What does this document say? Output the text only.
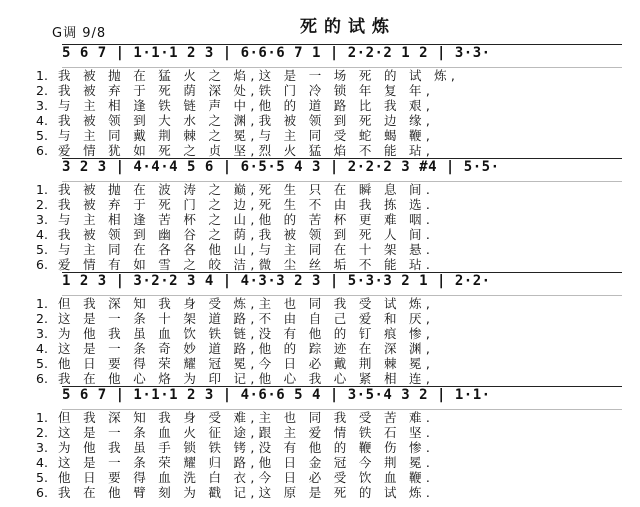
G调 9/8	死的试炼
5 6 7 | 1·1·1 2 3 | 6·6·6 7 1 | 2·2·2 1 2 | 3·3·
1. 我 被 抛 在 猛 火 之 焰,这 是 一 场 死 的 试 炼,
2. 我 被 弃 于 死 荫 深 处,铁 门 冷 锁 年 复 年,
3. 与 主 相 逢 铁 链 声 中,他 的 道 路 比 我 艰,
4. 我 被 领 到 大 水 之 渊,我 被 领 到 死 边 缘,
5. 与 主 同 戴 荆 棘 之 冕,与 主 同 受 蛇 蝎 鞭,
6. 爱 情 犹 如 死 之 贞 坚,烈 火 猛 焰 不 能 玷,
3 2 3 | 4·4·4 5 6 | 6·5·5 4 3 | 2·2·2 3 #4 | 5·5·
1. 我 被 抛 在 波 涛 之 巅,死 生 只 在 瞬 息 间.
2. 我 被 弃 于 死 门 之 边,死 生 不 由 我 拣 选.
3. 与 主 相 逢 苦 杯 之 山,他 的 苦 杯 更 难 咽.
4. 我 被 领 到 幽 谷 之 荫,我 被 领 到 死 人 间.
5. 与 主 同 在 各 各 他 山,与 主 同 在 十 架 悬.
6. 爱 情 有 如 雪 之 皎 洁,微 尘 丝 垢 不 能 玷.
1 2 3 | 3·2·2 3 4 | 4·3·3 2 3 | 5·3·3 2 1 | 2·2·
1. 但 我 深 知 我 身 受 炼,主 也 同 我 受 试 炼,
2. 这 是 一 条 十 架 道 路,不 由 自 己 爱 和 厌,
3. 为 他 我 虽 血 饮 铁 链,没 有 他 的 钉 痕 惨,
4. 这 是 一 条 奇 妙 道 路,他 的 踪 迹 在 深 渊,
5. 他 日 要 得 荣 耀 冠 冕,今 日 必 戴 荆 棘 冕,
6. 我 在 他 心 烙 为 印 记,他 心 我 心 紧 相 连,
5 6 7 | 1·1·1 2 3 | 4·6·6 5 4 | 3·5·4 3 2 | 1·1·
1. 但 我 深 知 我 身 受 难,主 也 同 我 受 苦 难.
2. 这 是 一 条 血 火 征 途,跟 主 爱 情 铁 石 坚.
3. 为 他 我 虽 手 锁 铁 铐,没 有 他 的 鞭 伤 惨.
4. 这 是 一 条 荣 耀 归 路,他 日 金 冠 今 荆 冕.
5. 他 日 要 得 血 洗 白 衣,今 日 必 受 饮 血 鞭.
6. 我 在 他 臂 刻 为 戳 记,这 原 是 死 的 试 炼.
